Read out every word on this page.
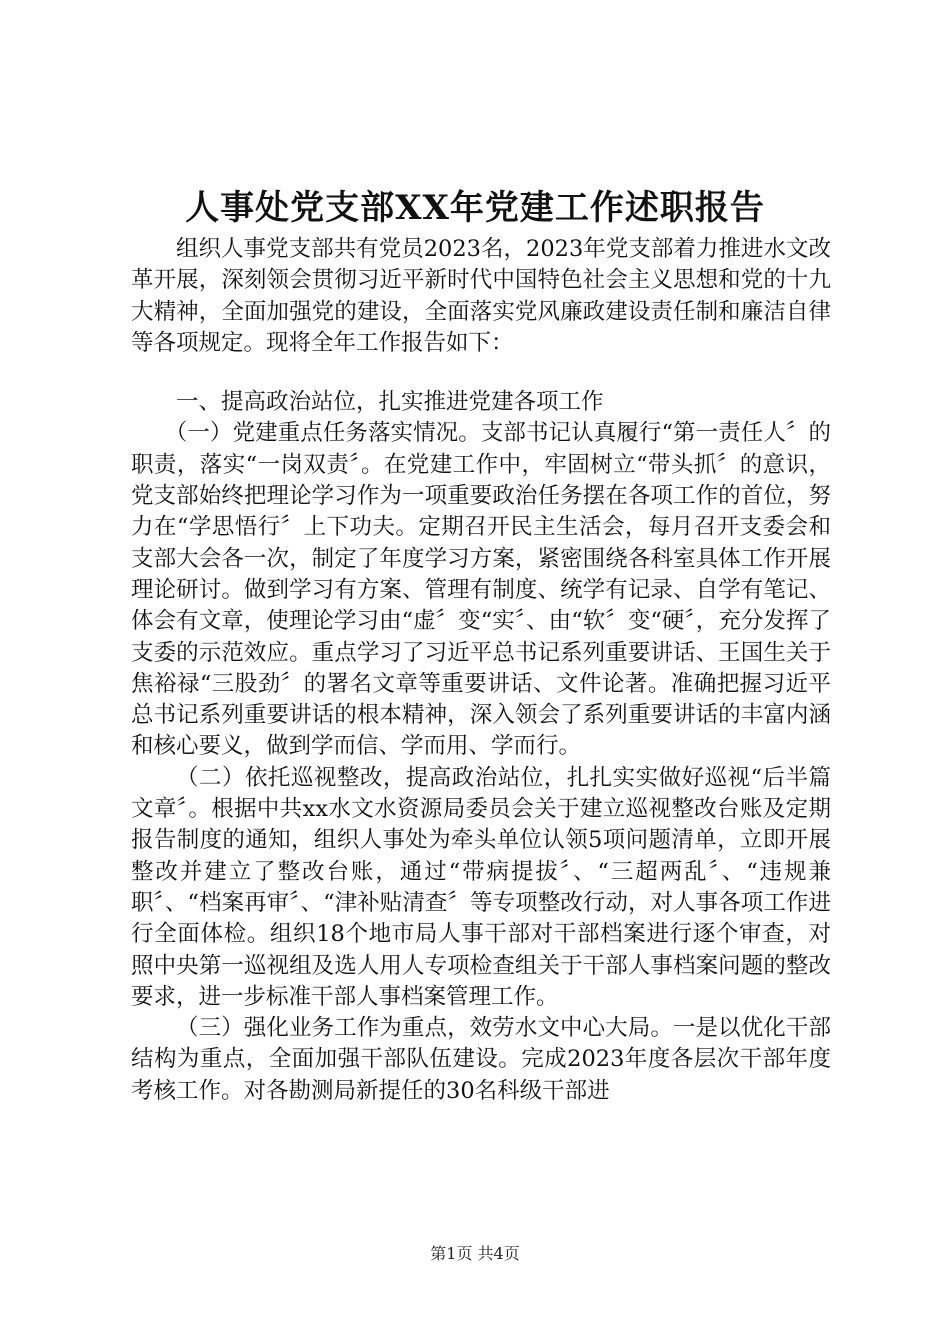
人事处党支部XX年党建工作述职报告

组织人事党支部共有党员2023名，2023年党支部着力推进水文改革开展，深刻领会贯彻习近平新时代中国特色社会主义思想和党的十九大精神，全面加强党的建设，全面落实党风廉政建设责任制和廉洁自律等各项规定。现将全年工作报告如下：

一、提高政治站位，扎实推进党建各项工作

（一）党建重点任务落实情况。支部书记认真履行“第一责任人〞的职责，落实“一岗双责〞。在党建工作中，牢固树立“带头抓〞的意识，党支部始终把理论学习作为一项重要政治任务摆在各项工作的首位，努力在“学思悟行〞上下功夫。定期召开民主生活会，每月召开支委会和支部大会各一次，制定了年度学习方案，紧密围绕各科室具体工作开展理论研讨。做到学习有方案、管理有制度、统学有记录、自学有笔记、体会有文章，使理论学习由“虚〞变“实〞、由“软〞变“硬〞，充分发挥了支委的示范效应。重点学习了习近平总书记系列重要讲话、王国生关于焦裕禄“三股劲〞的署名文章等重要讲话、文件论著。准确把握习近平总书记系列重要讲话的根本精神，深入领会了系列重要讲话的丰富内涵和核心要义，做到学而信、学而用、学而行。

（二）依托巡视整改，提高政治站位，扎扎实实做好巡视“后半篇文章〞。根据中共xx水文水资源局委员会关于建立巡视整改台账及定期报告制度的通知，组织人事处为牵头单位认领5项问题清单，立即开展整改并建立了整改台账，通过“带病提拔〞、“三超两乱〞、“违规兼职〞、“档案再审〞、“津补贴清查〞等专项整改行动，对人事各项工作进行全面体检。组织18个地市局人事干部对干部档案进行逐个审查，对照中央第一巡视组及选人用人专项检查组关于干部人事档案问题的整改要求，进一步标准干部人事档案管理工作。

（三）强化业务工作为重点，效劳水文中心大局。一是以优化干部结构为重点，全面加强干部队伍建设。完成2023年度各层次干部年度考核工作。对各勘测局新提任的30名科级干部进

第1页 共4页
